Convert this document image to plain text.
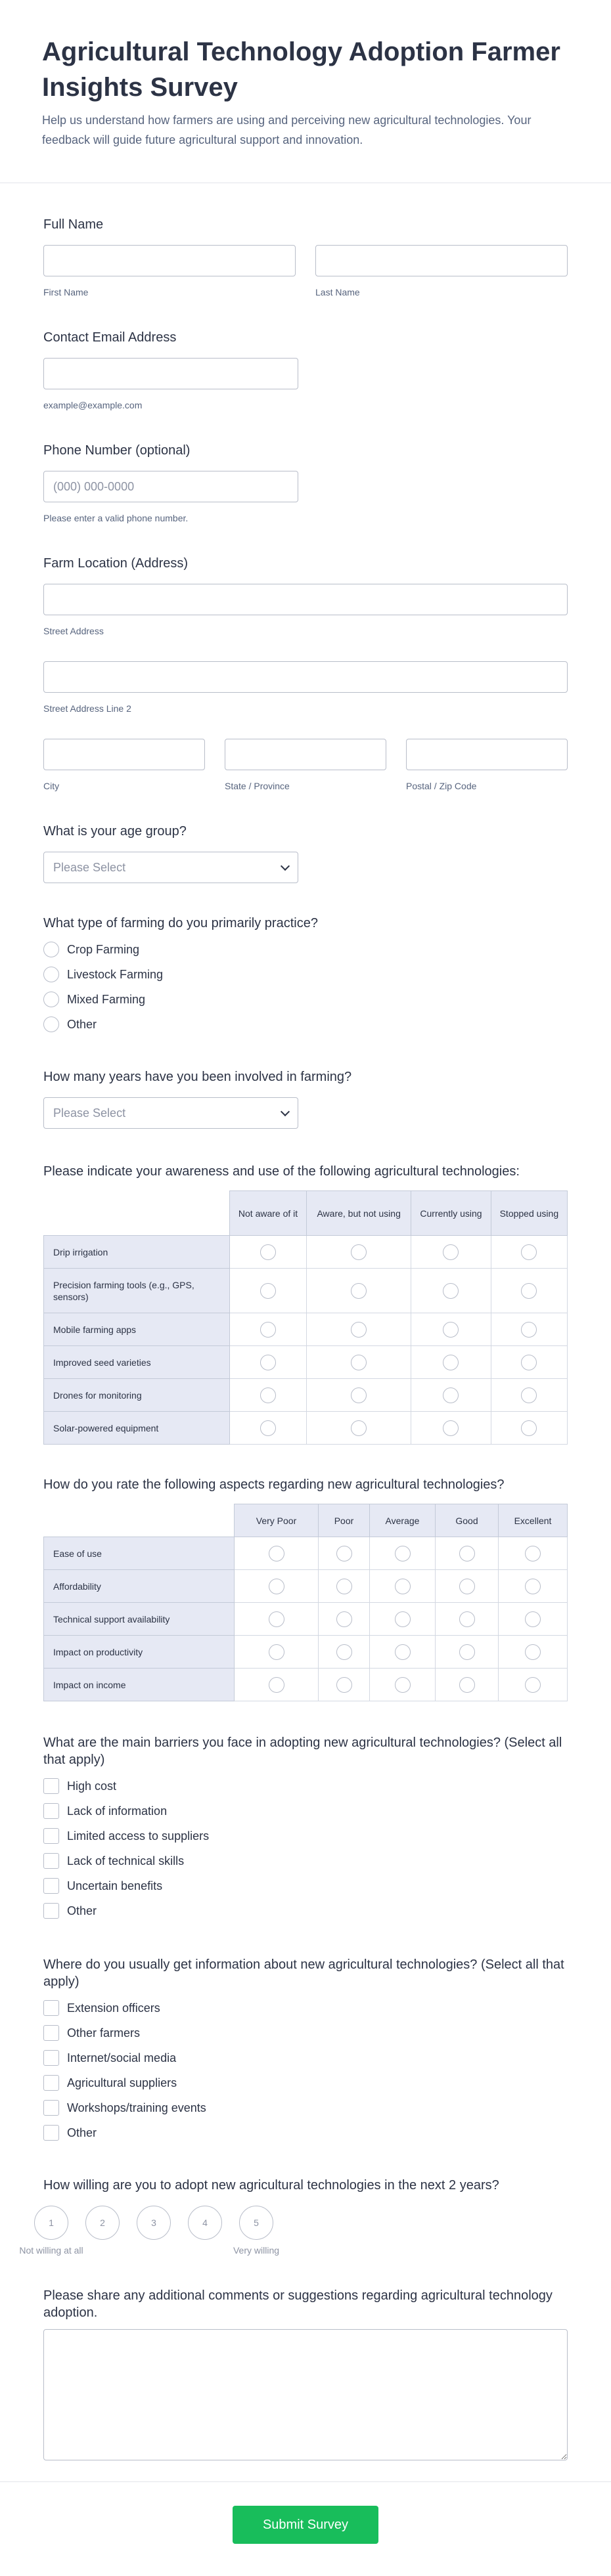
Agricultural Technology Adoption Farmer Insights Survey

Help us understand how farmers are using and perceiving new agricultural technologies. Your feedback will guide future agricultural support and innovation.

Full Name
First Name	Last Name
Contact Email Address
example@example.com
Phone Number (optional)
(000) 000-0000
Please enter a valid phone number.
Farm Location (Address)
Street Address
Street Address Line 2
City	State / Province	Postal / Zip Code
What is your age group?
Please Select
What type of farming do you primarily practice?
Crop Farming
Livestock Farming
Mixed Farming
Other
How many years have you been involved in farming?
Please Select
Please indicate your awareness and use of the following agricultural technologies:
	Not aware of it	Aware, but not using	Currently using	Stopped using
Drip irrigation				
Precision farming tools (e.g., GPS, sensors)				
Mobile farming apps				
Improved seed varieties				
Drones for monitoring				
Solar-powered equipment				
How do you rate the following aspects regarding new agricultural technologies?
	Very Poor	Poor	Average	Good	Excellent
Ease of use					
Affordability					
Technical support availability					
Impact on productivity					
Impact on income					
What are the main barriers you face in adopting new agricultural technologies? (Select all that apply)
High cost
Lack of information
Limited access to suppliers
Lack of technical skills
Uncertain benefits
Other
Where do you usually get information about new agricultural technologies? (Select all that apply)
Extension officers
Other farmers
Internet/social media
Agricultural suppliers
Workshops/training events
Other
How willing are you to adopt new agricultural technologies in the next 2 years?
1
Not willing at all
2	3	4	5
Very willing
Please share any additional comments or suggestions regarding agricultural technology adoption.
Submit Survey
